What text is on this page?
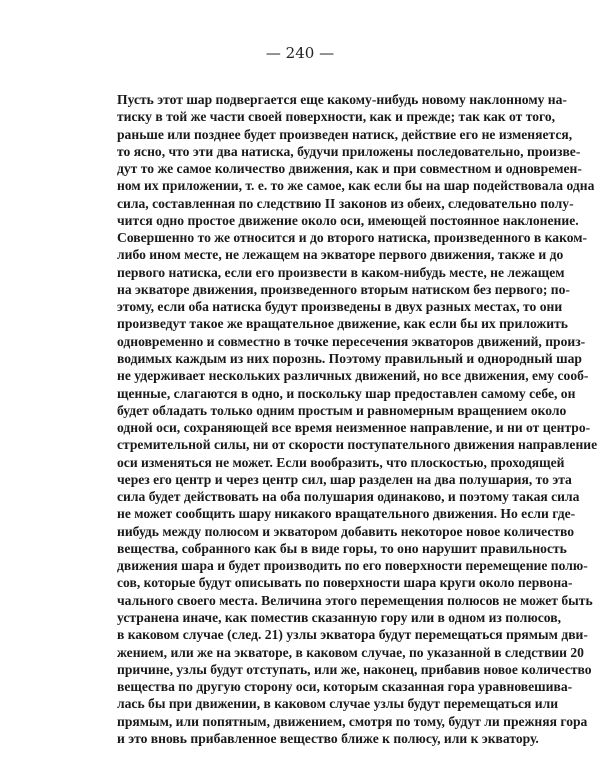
— 240 —
Пусть этот шар подвергается еще какому-нибудь новому наклонному на-
тиску в той же части своей поверхности, как и прежде; так как от того,
раньше или позднее будет произведен натиск, действие его не изменяется,
то ясно, что эти два натиска, будучи приложены последовательно, произве-
дут то же самое количество движения, как и при совместном и одновремен-
ном их приложении, т. е. то же самое, как если бы на шар подействовала одна
сила, составленная по следствию II законов из обеих, следовательно полу-
чится одно простое движение около оси, имеющей постоянное наклонение.
Совершенно то же относится и до второго натиска, произведенного в каком-
либо ином месте, не лежащем на экваторе первого движения, также и до
первого натиска, если его произвести в каком-нибудь месте, не лежащем
на экваторе движения, произведенного вторым натиском без первого; по-
этому, если оба натиска будут произведены в двух разных местах, то они
произведут такое же вращательное движение, как если бы их приложить
одновременно и совместно в точке пересечения экваторов движений, произ-
водимых каждым из них порознь. Поэтому правильный и однородный шар
не удерживает нескольких различных движений, но все движения, ему сооб-
щенные, слагаются в одно, и поскольку шар предоставлен самому себе, он
будет обладать только одним простым и равномерным вращением около
одной оси, сохраняющей все время неизменное направление, и ни от центро-
стремительной силы, ни от скорости поступательного движения направление
оси изменяться не может. Если вообразить, что плоскостью, проходящей
через его центр и через центр сил, шар разделен на два полушария, то эта
сила будет действовать на оба полушария одинаково, и поэтому такая сила
не может сообщить шару никакого вращательного движения. Но если где-
нибудь между полюсом и экватором добавить некоторое новое количество
вещества, собранного как бы в виде горы, то оно нарушит правильность
движения шара и будет производить по его поверхности перемещение полю-
сов, которые будут описывать по поверхности шара круги около первона-
чального своего места. Величина этого перемещения полюсов не может быть
устранена иначе, как поместив сказанную гору или в одном из полюсов,
в каковом случае (след. 21) узлы экватора будут перемещаться прямым дви-
жением, или же на экваторе, в каковом случае, по указанной в следствии 20
причине, узлы будут отступать, или же, наконец, прибавив новое количество
вещества по другую сторону оси, которым сказанная гора уравновешива-
лась бы при движении, в каковом случае узлы будут перемещаться или
прямым, или попятным, движением, смотря по тому, будут ли прежняя гора
и это вновь прибавленное вещество ближе к полюсу, или к экватору.
